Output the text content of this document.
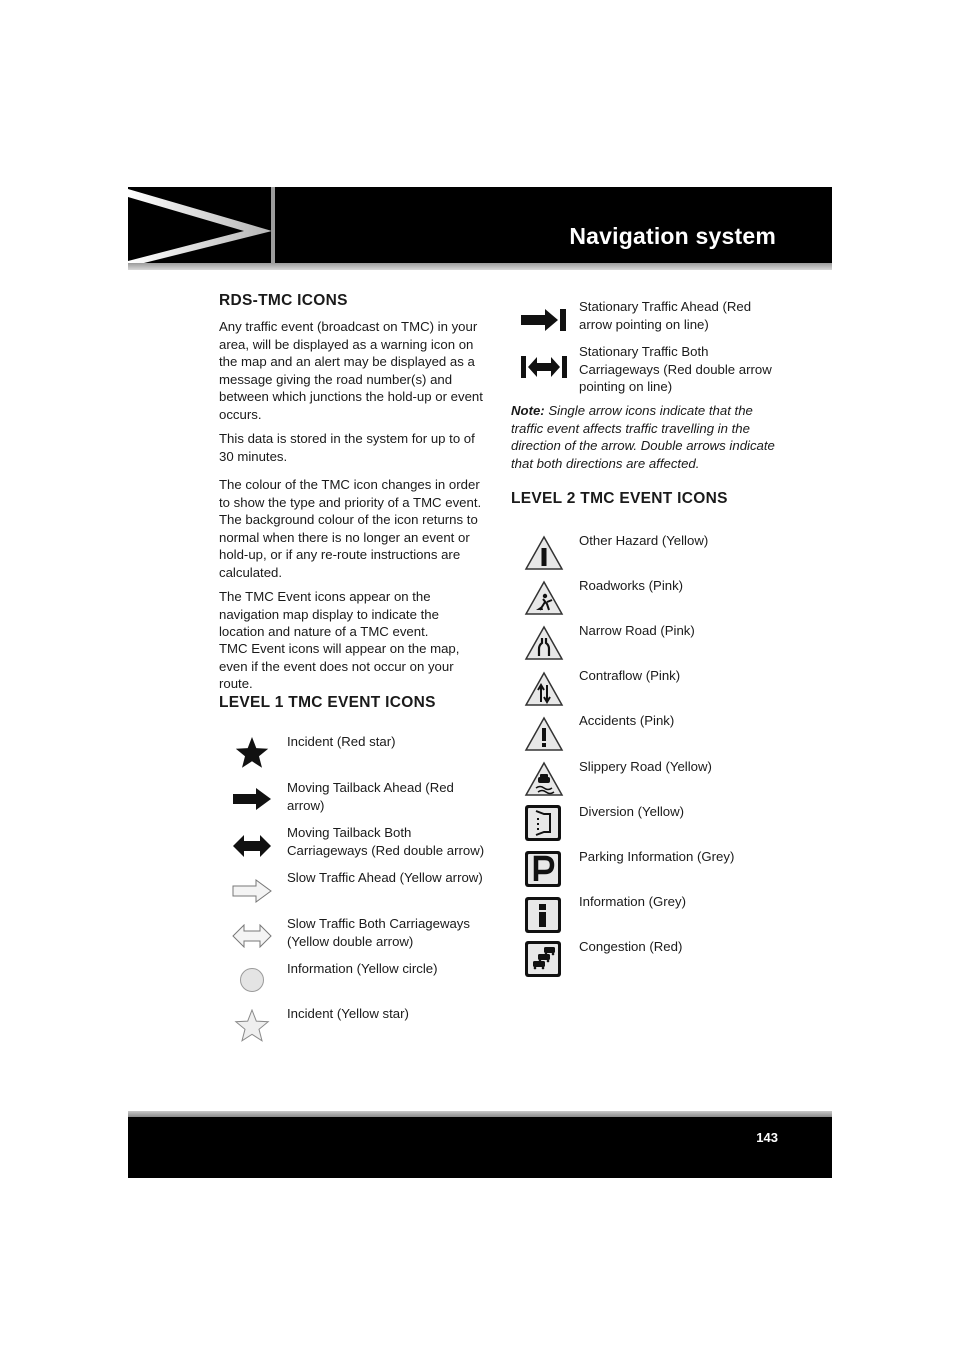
Navigation system
RDS-TMC ICONS

Any traffic event (broadcast on TMC) in your area, will be displayed as a warning icon on the map and an alert may be displayed as a message giving the road number(s) and between which junctions the hold-up or event occurs.

This data is stored in the system for up to of 30 minutes.

The colour of the TMC icon changes in order to show the type and priority of a TMC event. The background colour of the icon returns to normal when there is no longer an event or hold-up, or if any re-route instructions are calculated.

The TMC Event icons appear on the navigation map display to indicate the location and nature of a TMC event.

TMC Event icons will appear on the map, even if the event does not occur on your route.

LEVEL 1 TMC EVENT ICONS
Incident (Red star)
Moving Tailback Ahead (Red arrow)
Moving Tailback Both Carriageways (Red double arrow)
Slow Traffic Ahead (Yellow arrow)
Slow Traffic Both Carriageways (Yellow double arrow)
Information (Yellow circle)
Incident (Yellow star)
Stationary Traffic Ahead (Red arrow pointing on line)
Stationary Traffic Both Carriageways (Red double arrow pointing on line)
Note: Single arrow icons indicate that the traffic event affects traffic travelling in the direction of the arrow. Double arrows indicate that both directions are affected.
LEVEL 2 TMC EVENT ICONS
Other Hazard (Yellow)
Roadworks (Pink)
Narrow Road (Pink)
Contraflow (Pink)
Accidents (Pink)
Slippery Road (Yellow)
Diversion (Yellow)
Parking Information (Grey)
Information (Grey)
Congestion (Red)
143
